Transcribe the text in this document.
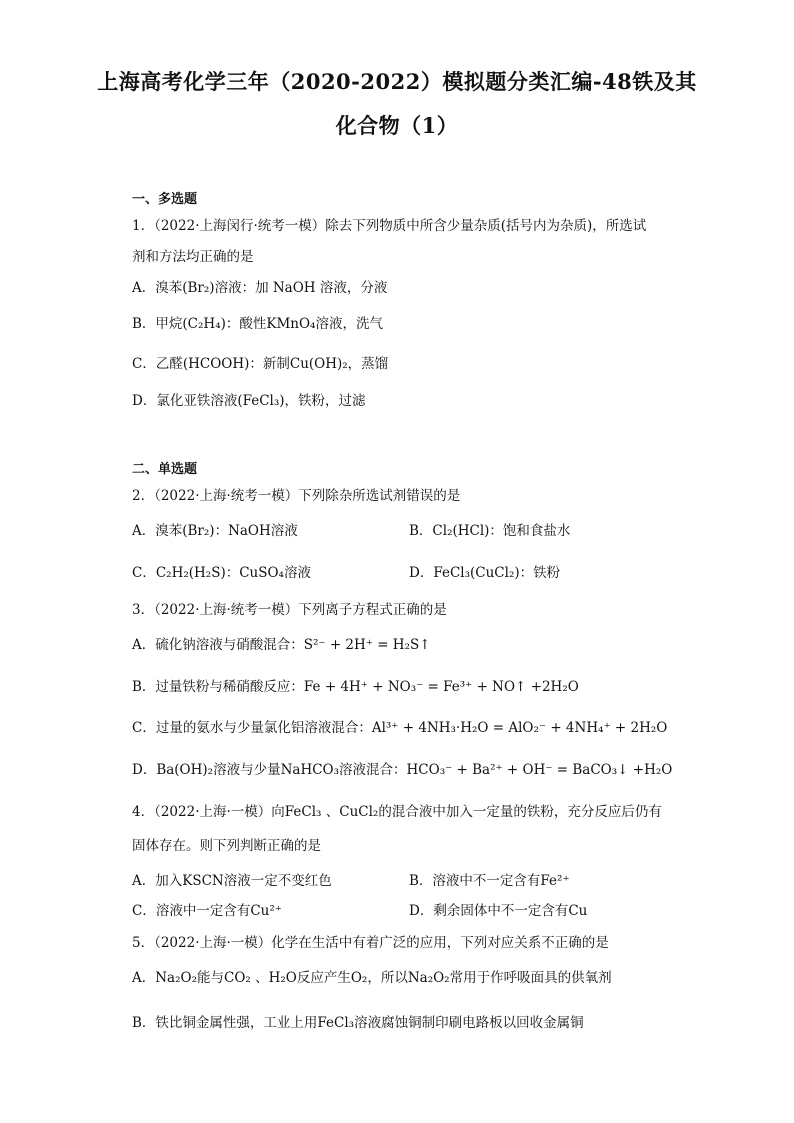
上海高考化学三年（2020-2022）模拟题分类汇编-48铁及其
化合物（1）
一、多选题
1．（2022·上海闵行·统考一模）除去下列物质中所含少量杂质(括号内为杂质)，所选试
剂和方法均正确的是
A．溴苯(Br₂)溶液：加 NaOH 溶液，分液
B．甲烷(C₂H₄)：酸性KMnO₄溶液，洗气
C．乙醛(HCOOH)：新制Cu(OH)₂，蒸馏
D．氯化亚铁溶液(FeCl₃)，铁粉，过滤
二、单选题
2．（2022·上海·统考一模）下列除杂所选试剂错误的是
A．溴苯(Br₂)：NaOH溶液	B．Cl₂(HCl)：饱和食盐水
C．C₂H₂(H₂S)：CuSO₄溶液	D．FeCl₃(CuCl₂)：铁粉
3．（2022·上海·统考一模）下列离子方程式正确的是
A．硫化钠溶液与硝酸混合：S²⁻ + 2H⁺ = H₂S↑
B．过量铁粉与稀硝酸反应：Fe + 4H⁺ + NO₃⁻ = Fe³⁺ + NO↑ +2H₂O
C．过量的氨水与少量氯化铝溶液混合：Al³⁺ + 4NH₃·H₂O = AlO₂⁻ + 4NH₄⁺ + 2H₂O
D．Ba(OH)₂溶液与少量NaHCO₃溶液混合：HCO₃⁻ + Ba²⁺ + OH⁻ = BaCO₃↓ +H₂O
4．（2022·上海·一模）向FeCl₃ 、CuCl₂的混合液中加入一定量的铁粉，充分反应后仍有
固体存在。则下列判断正确的是
A．加入KSCN溶液一定不变红色	B．溶液中不一定含有Fe²⁺
C．溶液中一定含有Cu²⁺	D．剩余固体中不一定含有Cu
5．（2022·上海·一模）化学在生活中有着广泛的应用，下列对应关系不正确的是
A．Na₂O₂能与CO₂ 、H₂O反应产生O₂，所以Na₂O₂常用于作呼吸面具的供氧剂
B．铁比铜金属性强，工业上用FeCl₃溶液腐蚀铜制印刷电路板以回收金属铜
